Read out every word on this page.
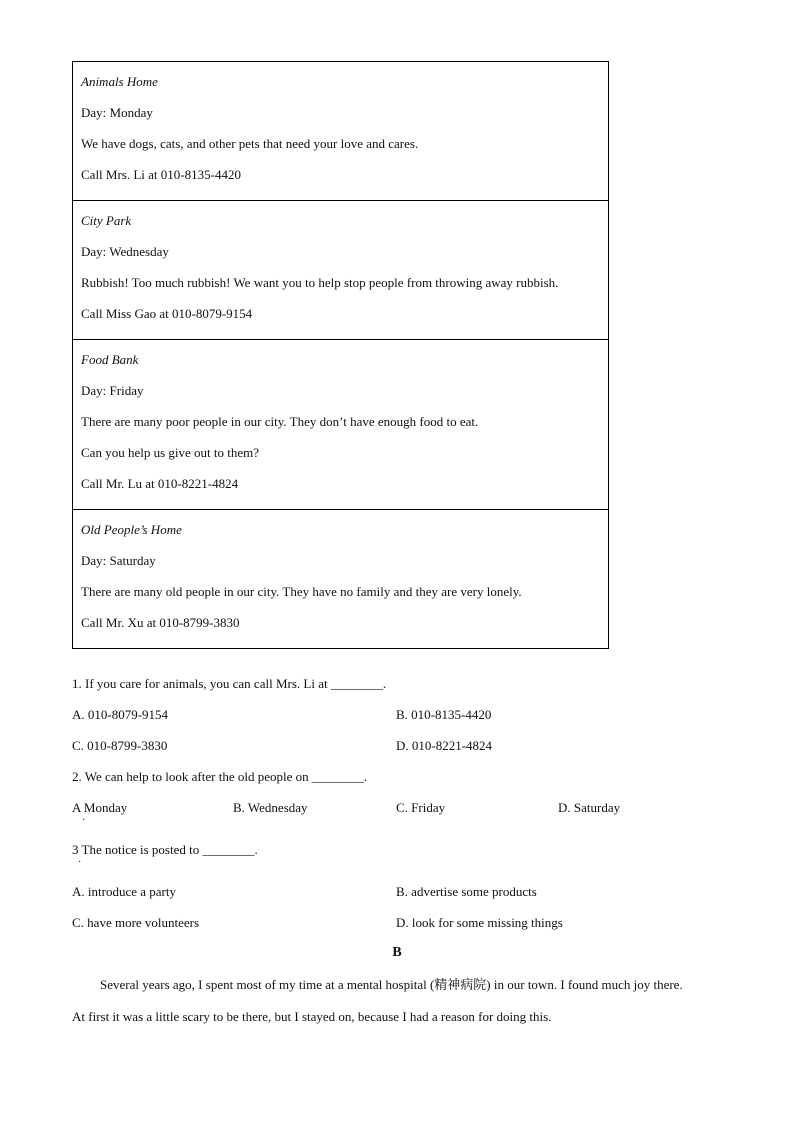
Animals Home
Day: Monday
We have dogs, cats, and other pets that need your love and cares.
Call Mrs. Li at 010-8135-4420
City Park
Day: Wednesday
Rubbish! Too much rubbish! We want you to help stop people from throwing away rubbish.
Call Miss Gao at 010-8079-9154
Food Bank
Day: Friday
There are many poor people in our city. They don’t have enough food to eat.
Can you help us give out to them?
Call Mr. Lu at 010-8221-4824
Old People’s Home
Day: Saturday
There are many old people in our city. They have no family and they are very lonely.
Call Mr. Xu at 010-8799-3830
1. If you care for animals, you can call Mrs. Li at ________.
A. 010-8079-9154	B. 010-8135-4420
C. 010-8799-3830	D. 010-8221-4824
2. We can help to look after the old people on ________.
A Monday
·
B. Wednesday	C. Friday	D. Saturday
3 The notice is posted to ________.
·
A. introduce a party	B. advertise some products
C. have more volunteers	D. look for some missing things
B
Several years ago, I spent most of my time at a mental hospital (精神病院) in our town. I found much joy there.
At first it was a little scary to be there, but I stayed on, because I had a reason for doing this.
